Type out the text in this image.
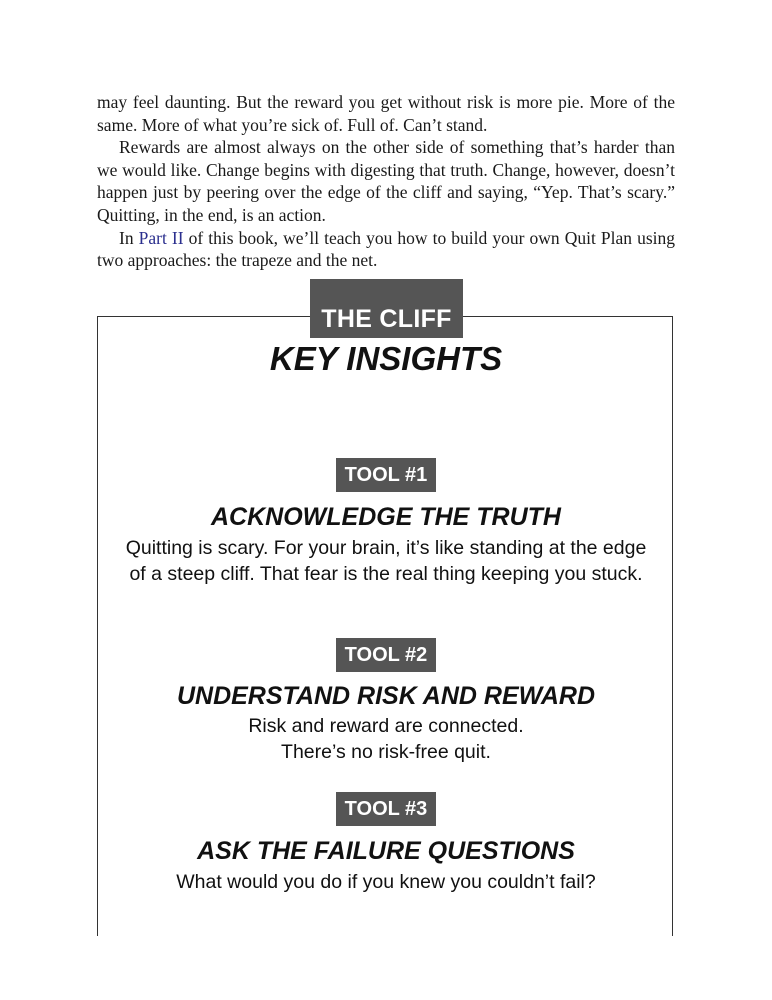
may feel daunting. But the reward you get without risk is more pie. More of the same. More of what you’re sick of. Full of. Can’t stand.

Rewards are almost always on the other side of something that’s harder than we would like. Change begins with digesting that truth. Change, however, doesn’t happen just by peering over the edge of the cliff and saying, “Yep. That’s scary.” Quitting, in the end, is an action.

In Part II of this book, we’ll teach you how to build your own Quit Plan using two approaches: the trapeze and the net.

THE CLIFF
KEY INSIGHTS
TOOL #1
ACKNOWLEDGE THE TRUTH
Quitting is scary. For your brain, it’s like standing at the edge of a steep cliff. That fear is the real thing keeping you stuck.
TOOL #2
UNDERSTAND RISK AND REWARD
Risk and reward are connected.
There’s no risk-free quit.
TOOL #3
ASK THE FAILURE QUESTIONS
What would you do if you knew you couldn’t fail?
